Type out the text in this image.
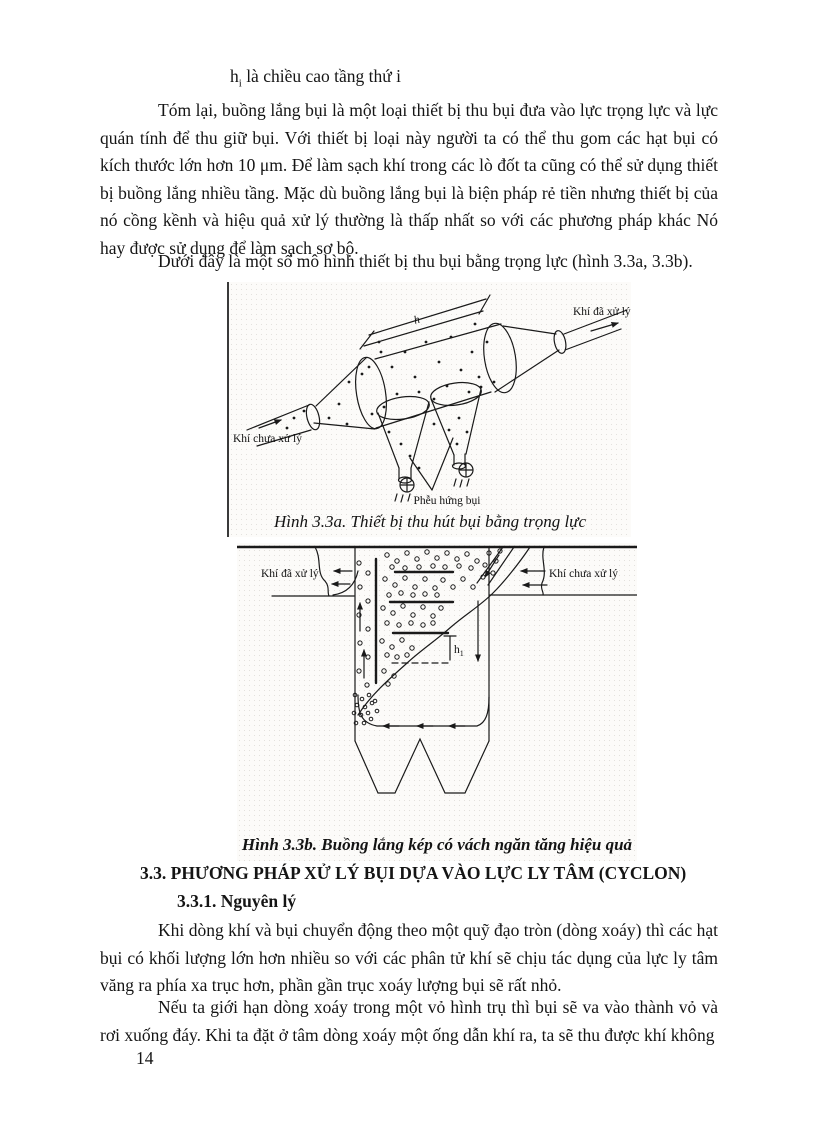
$h_i$ là chiều cao tầng thứ i
Tóm lại, buồng lắng bụi là một loại thiết bị thu bụi đưa vào lực trọng lực và lực quán tính để thu giữ bụi. Với thiết bị loại này người ta có thể thu gom các hạt bụi có kích thước lớn hơn 10 μm. Để làm sạch khí trong các lò đốt ta cũng có thể sử dụng thiết bị buồng lắng nhiều tầng. Mặc dù buồng lắng bụi là biện pháp rẻ tiền nhưng thiết bị của nó cồng kềnh và hiệu quả xử lý thường là thấp nhất so với các phương pháp khác Nó hay được sử dụng để làm sạch sơ bộ.
Dưới đây là một số mô hình thiết bị thu bụi bằng trọng lực (hình 3.3a, 3.3b).
h
Khí chưa xử lý
Khí đã xử lý
Phễu hứng bụi
Hình 3.3a. Thiết bị thu hút bụi bằng trọng lực
$h_1$
Khí đã xử lý	Khí chưa xử lý
Hình 3.3b. Buồng lắng kép có vách ngăn tăng hiệu quả
3.3. PHƯƠNG PHÁP XỬ LÝ BỤI DỰA VÀO LỰC LY TÂM (CYCLON)
3.3.1. Nguyên lý
Khi dòng khí và bụi chuyển động theo một quỹ đạo tròn (dòng xoáy) thì các hạt bụi có khối lượng lớn hơn nhiều so với các phân tử khí sẽ chịu tác dụng của lực ly tâm văng ra phía xa trục hơn, phần gần trục xoáy lượng bụi sẽ rất nhỏ.
Nếu ta giới hạn dòng xoáy trong một vỏ hình trụ thì bụi sẽ va vào thành vỏ và rơi xuống đáy. Khi ta đặt ở tâm dòng xoáy một ống dẫn khí ra, ta sẽ thu được khí không
14
